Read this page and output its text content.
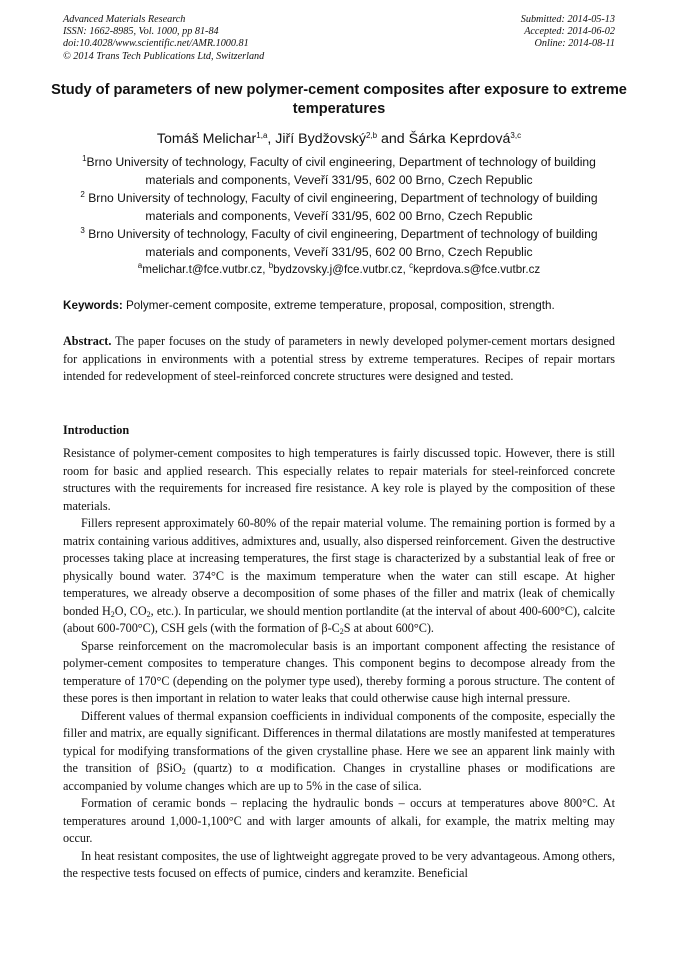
Advanced Materials Research
ISSN: 1662-8985, Vol. 1000, pp 81-84
doi:10.4028/www.scientific.net/AMR.1000.81
© 2014 Trans Tech Publications Ltd, Switzerland
Submitted: 2014-05-13
Accepted: 2014-06-02
Online: 2014-08-11
Study of parameters of new polymer-cement composites after exposure to extreme temperatures
Tomáš Melichar$^{1,a}$, Jiří Bydžovský$^{2,b}$ and Šárka Keprdová$^{3,c}$
$^1$Brno University of technology, Faculty of civil engineering, Department of technology of building materials and components, Veveří 331/95, 602 00 Brno, Czech Republic
$^2$ Brno University of technology, Faculty of civil engineering, Department of technology of building materials and components, Veveří 331/95, 602 00 Brno, Czech Republic
$^3$ Brno University of technology, Faculty of civil engineering, Department of technology of building materials and components, Veveří 331/95, 602 00 Brno, Czech Republic
$^a$melichar.t@fce.vutbr.cz, $^b$bydzovsky.j@fce.vutbr.cz, $^c$keprdova.s@fce.vutbr.cz
Keywords: Polymer-cement composite, extreme temperature, proposal, composition, strength.
Abstract. The paper focuses on the study of parameters in newly developed polymer-cement mortars designed for applications in environments with a potential stress by extreme temperatures. Recipes of repair mortars intended for redevelopment of steel-reinforced concrete structures were designed and tested.
Introduction

Resistance of polymer-cement composites to high temperatures is fairly discussed topic. However, there is still room for basic and applied research. This especially relates to repair materials for steel-reinforced concrete structures with the requirements for increased fire resistance. A key role is played by the composition of these materials.

Fillers represent approximately 60-80% of the repair material volume. The remaining portion is formed by a matrix containing various additives, admixtures and, usually, also dispersed reinforcement. Given the destructive processes taking place at increasing temperatures, the first stage is characterized by a substantial leak of free or physically bound water. 374°C is the maximum temperature when the water can still escape. At higher temperatures, we already observe a decomposition of some phases of the filler and matrix (leak of chemically bonded $H_2O$, $CO_2$, etc.). In particular, we should mention portlandite (at the interval of about 400-600°C), calcite (about 600-700°C), CSH gels (with the formation of $\beta-C_2S$ at about 600°C).

Sparse reinforcement on the macromolecular basis is an important component affecting the resistance of polymer-cement composites to temperature changes. This component begins to decompose already from the temperature of 170°C (depending on the polymer type used), thereby forming a porous structure. The content of these pores is then important in relation to water leaks that could otherwise cause high internal pressure.

Different values of thermal expansion coefficients in individual components of the composite, especially the filler and matrix, are equally significant. Differences in thermal dilatations are mostly manifested at temperatures typical for modifying transformations of the given crystalline phase. Here we see an apparent link mainly with the transition of βSiO$_2$ (quartz) to α modification. Changes in crystalline phases or modifications are accompanied by volume changes which are up to 5% in the case of silica.

Formation of ceramic bonds – replacing the hydraulic bonds – occurs at temperatures above 800°C. At temperatures around 1,000-1,100°C and with larger amounts of alkali, for example, the matrix melting may occur.

In heat resistant composites, the use of lightweight aggregate proved to be very advantageous. Among others, the respective tests focused on effects of pumice, cinders and keramzite. Beneficial
